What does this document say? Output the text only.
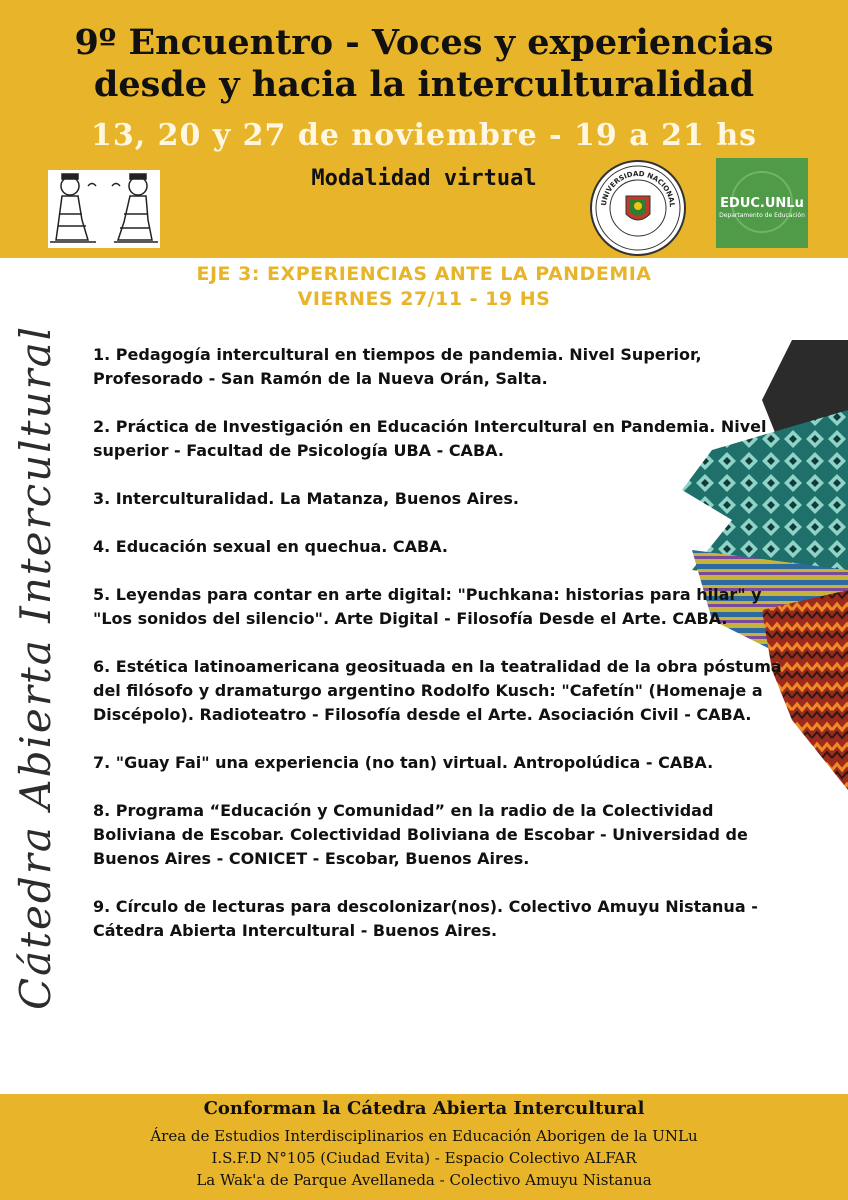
9º Encuentro - Voces y experiencias
desde y hacia la interculturalidad
13, 20 y 27 de noviembre - 19 a 21 hs
Modalidad virtual
UNIVERSIDAD NACIONAL	EDUC.UNLu
Departamento de Educación
EJE 3: EXPERIENCIAS ANTE LA PANDEMIA
VIERNES 27/11 - 19 HS
Cátedra Abierta Intercultural	1. Pedagogía intercultural en tiempos de pandemia. Nivel Superior, Profesorado - San Ramón de la Nueva Orán, Salta.
2. Práctica de Investigación en Educación Intercultural en Pandemia. Nivel superior - Facultad de Psicología UBA - CABA.
3. Interculturalidad. La Matanza, Buenos Aires.
4. Educación sexual en quechua. CABA.
5. Leyendas para contar en arte digital: "Puchkana: historias para hilar" y "Los sonidos del silencio". Arte Digital - Filosofía Desde el Arte. CABA.
6. Estética latinoamericana geosituada en la teatralidad de la obra póstuma del filósofo y dramaturgo argentino Rodolfo Kusch: "Cafetín" (Homenaje a Discépolo). Radioteatro - Filosofía desde el Arte. Asociación Civil - CABA.
7. "Guay Fai" una experiencia (no tan) virtual. Antropolúdica - CABA.
8. Programa “Educación y Comunidad” en la radio de la Colectividad Boliviana de Escobar. Colectividad Boliviana de Escobar - Universidad de Buenos Aires - CONICET - Escobar, Buenos Aires.
9. Círculo de lecturas para descolonizar(nos). Colectivo Amuyu Nistanua - Cátedra Abierta Intercultural - Buenos Aires.
Conforman la Cátedra Abierta Intercultural
Área de Estudios Interdisciplinarios en Educación Aborigen de la UNLu
I.S.F.D N°105 (Ciudad Evita) - Espacio Colectivo ALFAR
La Wak'a de Parque Avellaneda - Colectivo Amuyu Nistanua
